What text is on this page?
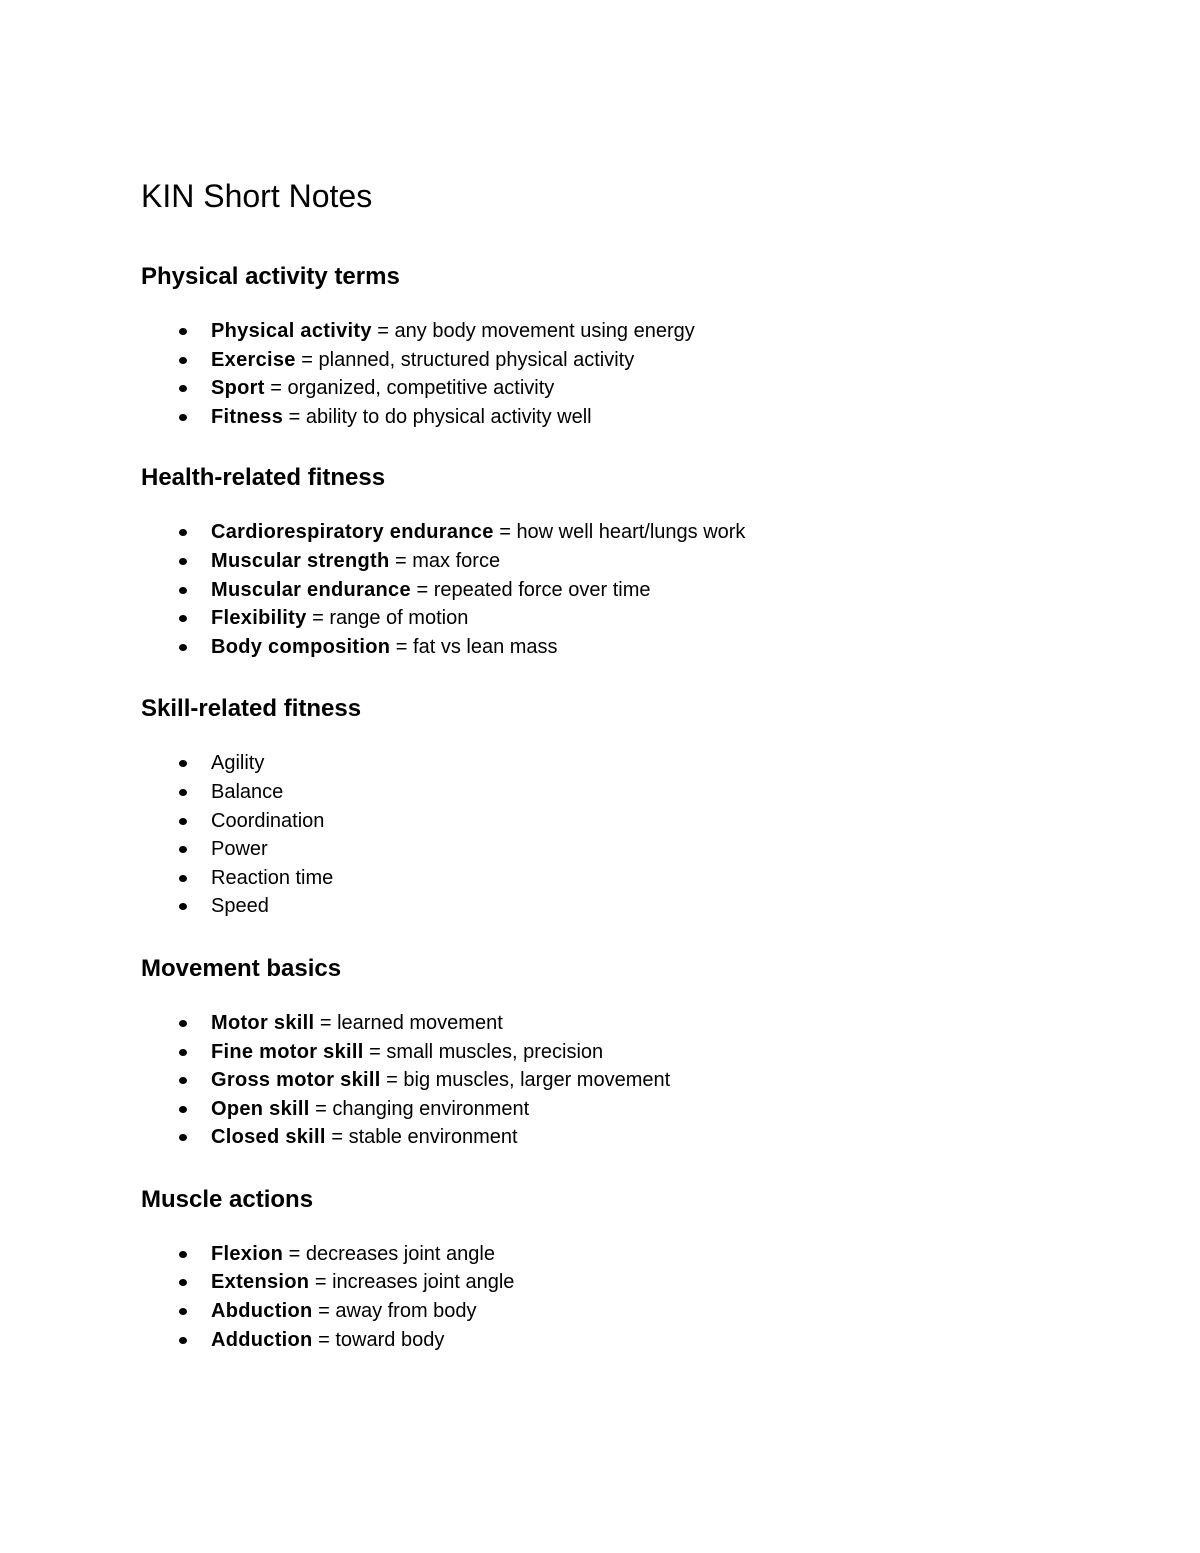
KIN Short Notes
Physical activity terms
Physical activity = any body movement using energy
Exercise = planned, structured physical activity
Sport = organized, competitive activity
Fitness = ability to do physical activity well
Health-related fitness
Cardiorespiratory endurance = how well heart/lungs work
Muscular strength = max force
Muscular endurance = repeated force over time
Flexibility = range of motion
Body composition = fat vs lean mass
Skill-related fitness
Agility
Balance
Coordination
Power
Reaction time
Speed
Movement basics
Motor skill = learned movement
Fine motor skill = small muscles, precision
Gross motor skill = big muscles, larger movement
Open skill = changing environment
Closed skill = stable environment
Muscle actions
Flexion = decreases joint angle
Extension = increases joint angle
Abduction = away from body
Adduction = toward body
